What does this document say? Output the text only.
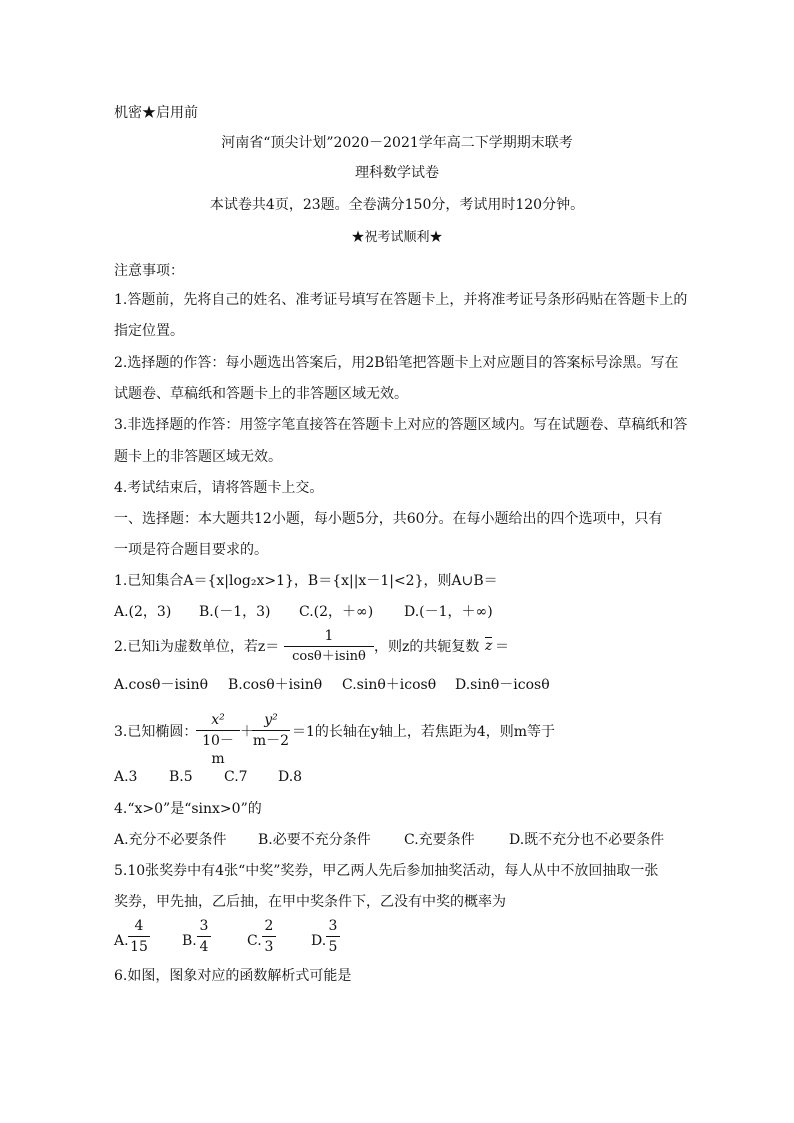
机密★启用前
河南省“顶尖计划”2020－2021学年高二下学期期末联考
理科数学试卷
本试卷共4页，23题。全卷满分150分，考试用时120分钟。
★祝考试顺利★
注意事项：
1.答题前，先将自己的姓名、准考证号填写在答题卡上，并将准考证号条形码贴在答题卡上的
指定位置。
2.选择题的作答：每小题选出答案后，用2B铅笔把答题卡上对应题目的答案标号涂黑。写在
试题卷、草稿纸和答题卡上的非答题区域无效。
3.非选择题的作答：用签字笔直接答在答题卡上对应的答题区域内。写在试题卷、草稿纸和答
题卡上的非答题区域无效。
4.考试结束后，请将答题卡上交。
一、选择题：本大题共12小题，每小题5分，共60分。在每小题给出的四个选项中，只有
一项是符合题目要求的。
1.已知集合A＝{x|log₂x>1}，B＝{x||x－1|<2}，则A∪B＝
A.(2，3) B.(－1，3) C.(2，＋∞) D.(－1，＋∞)
2.已知i为虚数单位，若z＝
1
cosθ＋isinθ
，则z的共轭复数 z ＝
A.cosθ－isinθ B.cosθ＋isinθ C.sinθ＋icosθ D.sinθ－icosθ
3.已知椭圆：
x²
10－m
＋
y²
m－2
＝1的长轴在y轴上，若焦距为4，则m等于
A.3 B.5 C.7 D.8
4.“x>0”是“sinx>0”的
A.充分不必要条件 B.必要不充分条件 C.充要条件 D.既不充分也不必要条件
5.10张奖券中有4张“中奖”奖券，甲乙两人先后参加抽奖活动，每人从中不放回抽取一张
奖券，甲先抽，乙后抽，在甲中奖条件下，乙没有中奖的概率为
A.
4
15 B.
3
4	C.
2
3	D.
3
5
6.如图，图象对应的函数解析式可能是
